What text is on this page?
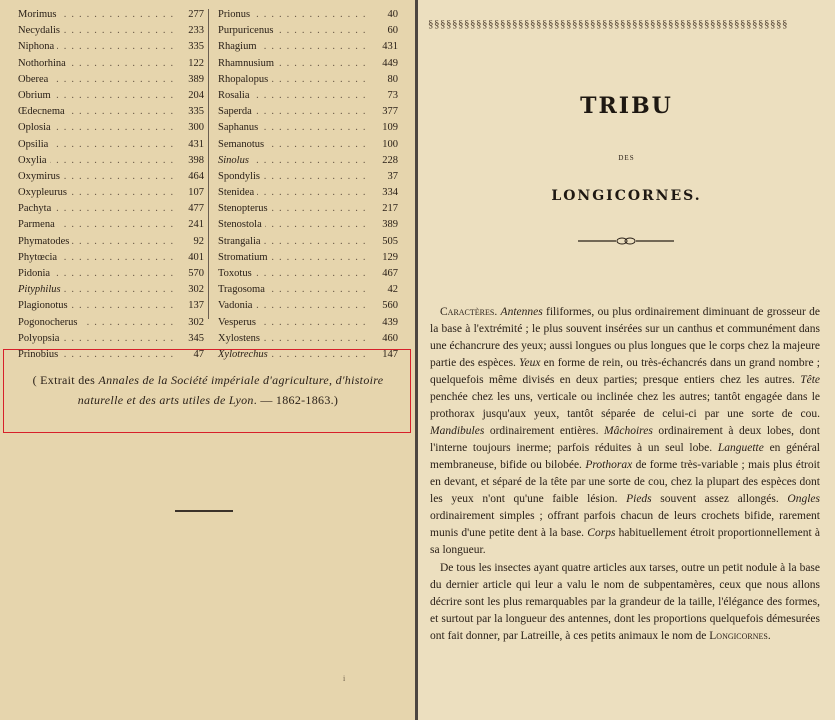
.....
Morimus	277
.....
Necydalis	233
.....
Niphona	335
.....
Nothorhina	122
.....
Oberea	389
.....
Obrium	204
.....
Œdecnema	335
.....
Oplosia	300
.....
Opsilia	431
.....
Oxylia	398
.....
Oxymirus	464
.....
Oxypleurus	107
.....
Pachyta	477
.....
Parmena	241
.....
Phymatodes	92
.....
Phytœcia	401
.....
Pidonia	570
.....
Pityphilus	302
.....
Plagionotus	137
.....
Pogonocherus	302
.....
Polyopsia	345
.....
Prinobius	47
.....
Prionus	40
.....
Purpuricenus	60
.....
Rhagium	431
.....
Rhamnusium	449
.....
Rhopalopus	80
.....
Rosalia	73
.....
Saperda	377
.....
Saphanus	109
.....
Semanotus	100
.....
Sinolus	228
.....
Spondylis	37
.....
Stenidea	334
.....
Stenopterus	217
.....
Stenostola	389
.....
Strangalia	505
.....
Stromatium	129
.....
Toxotus	467
.....
Tragosoma	42
.....
Vadonia	560
.....
Vesperus	439
.....
Xylostens	460
.....
Xylotrechus	147
( Extrait des Annales de la Société impériale d'agriculture, d'histoire naturelle et des arts utiles de Lyon. — 1862-1863.)
i
§§§§§§§§§§§§§§§§§§§§§§§§§§§§§§§§§§§§§§§§§§§§§§§§§§§§§§§§§§§§
TRIBU
DES
LONGICORNES.

Caractères. Antennes filiformes, ou plus ordinairement diminuant de grosseur de la base à l'extrémité ; le plus souvent insérées sur un canthus et communément dans une échancrure des yeux; aussi longues ou plus longues que le corps chez la majeure partie des espèces. Yeux en forme de rein, ou très-échancrés dans un grand nombre ; quelquefois même divisés en deux parties; presque entiers chez les autres. Tête penchée chez les uns, verticale ou inclinée chez les autres; tantôt engagée dans le prothorax jusqu'aux yeux, tantôt séparée de celui-ci par une sorte de cou. Mandibules ordinairement entières. Mâchoires ordinairement à deux lobes, dont l'interne toujours inerme; parfois réduites à un seul lobe. Languette en général membraneuse, bifide ou bilobée. Prothorax de forme très-variable ; mais plus étroit en devant, et séparé de la tête par une sorte de cou, chez la plupart des espèces dont les yeux n'ont qu'une faible lésion. Pieds souvent assez allongés. Ongles ordinairement simples ; offrant parfois chacun de leurs crochets bifide, rarement munis d'une petite dent à la base. Corps habituellement étroit proportionnellement à sa longueur.

De tous les insectes ayant quatre articles aux tarses, outre un petit nodule à la base du dernier article qui leur a valu le nom de subpentamères, ceux que nous allons décrire sont les plus remarquables par la grandeur de la taille, l'élégance des formes, et surtout par la longueur des antennes, dont les proportions quelquefois démesurées ont fait donner, par Latreille, à ces petits animaux le nom de Longicornes.
